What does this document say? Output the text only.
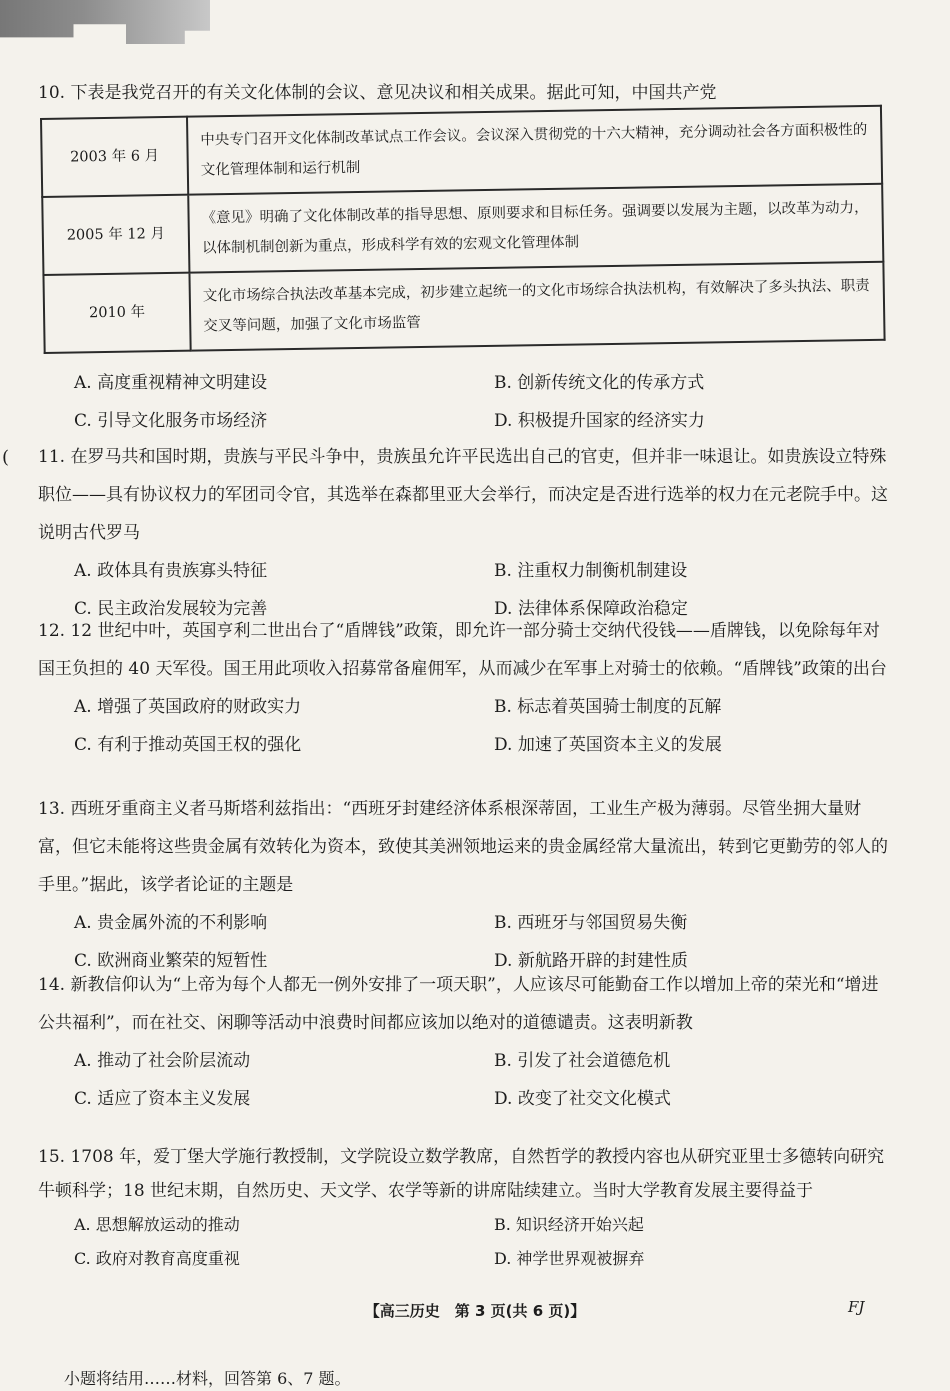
10. 下表是我党召开的有关文化体制的会议、意见决议和相关成果。据此可知，中国共产党

2003 年 6 月	中央专门召开文化体制改革试点工作会议。会议深入贯彻党的十六大精神，充分调动社会各方面积极性的文化管理体制和运行机制
2005 年 12 月	《意见》明确了文化体制改革的指导思想、原则要求和目标任务。强调要以发展为主题，以改革为动力，以体制机制创新为重点，形成科学有效的宏观文化管理体制
2010 年	文化市场综合执法改革基本完成，初步建立起统一的文化市场综合执法机构，有效解决了多头执法、职责交叉等问题，加强了文化市场监管
A. 高度重视精神文明建设	B. 创新传统文化的传承方式
C. 引导文化服务市场经济	D. 积极提升国家的经济实力
( 11. 在罗马共和国时期，贵族与平民斗争中，贵族虽允许平民选出自己的官吏，但并非一味退让。如贵族设立特殊职位——具有协议权力的军团司令官，其选举在森都里亚大会举行，而决定是否进行选举的权力在元老院手中。这说明古代罗马

A. 政体具有贵族寡头特征	B. 注重权力制衡机制建设
C. 民主政治发展较为完善	D. 法律体系保障政治稳定

12. 12 世纪中叶，英国亨利二世出台了“盾牌钱”政策，即允许一部分骑士交纳代役钱——盾牌钱，以免除每年对国王负担的 40 天军役。国王用此项收入招募常备雇佣军，从而减少在军事上对骑士的依赖。“盾牌钱”政策的出台

A. 增强了英国政府的财政实力	B. 标志着英国骑士制度的瓦解
C. 有利于推动英国王权的强化	D. 加速了英国资本主义的发展

13. 西班牙重商主义者马斯塔利兹指出：“西班牙封建经济体系根深蒂固，工业生产极为薄弱。尽管坐拥大量财富，但它未能将这些贵金属有效转化为资本，致使其美洲领地运来的贵金属经常大量流出，转到它更勤劳的邻人的手里。”据此，该学者论证的主题是

A. 贵金属外流的不利影响	B. 西班牙与邻国贸易失衡
C. 欧洲商业繁荣的短暂性	D. 新航路开辟的封建性质

14. 新教信仰认为“上帝为每个人都无一例外安排了一项天职”，人应该尽可能勤奋工作以增加上帝的荣光和“增进公共福利”，而在社交、闲聊等活动中浪费时间都应该加以绝对的道德谴责。这表明新教

A. 推动了社会阶层流动	B. 引发了社会道德危机
C. 适应了资本主义发展	D. 改变了社交文化模式

15. 1708 年，爱丁堡大学施行教授制，文学院设立数学教席，自然哲学的教授内容也从研究亚里士多德转向研究牛顿科学；18 世纪末期，自然历史、天文学、农学等新的讲席陆续建立。当时大学教育发展主要得益于

A. 思想解放运动的推动	B. 知识经济开始兴起
C. 政府对教育高度重视	D. 神学世界观被摒弃
【高三历史　第 3 页(共 6 页)】	FJ
小题将结用……材料，回答第 6、7 题。
